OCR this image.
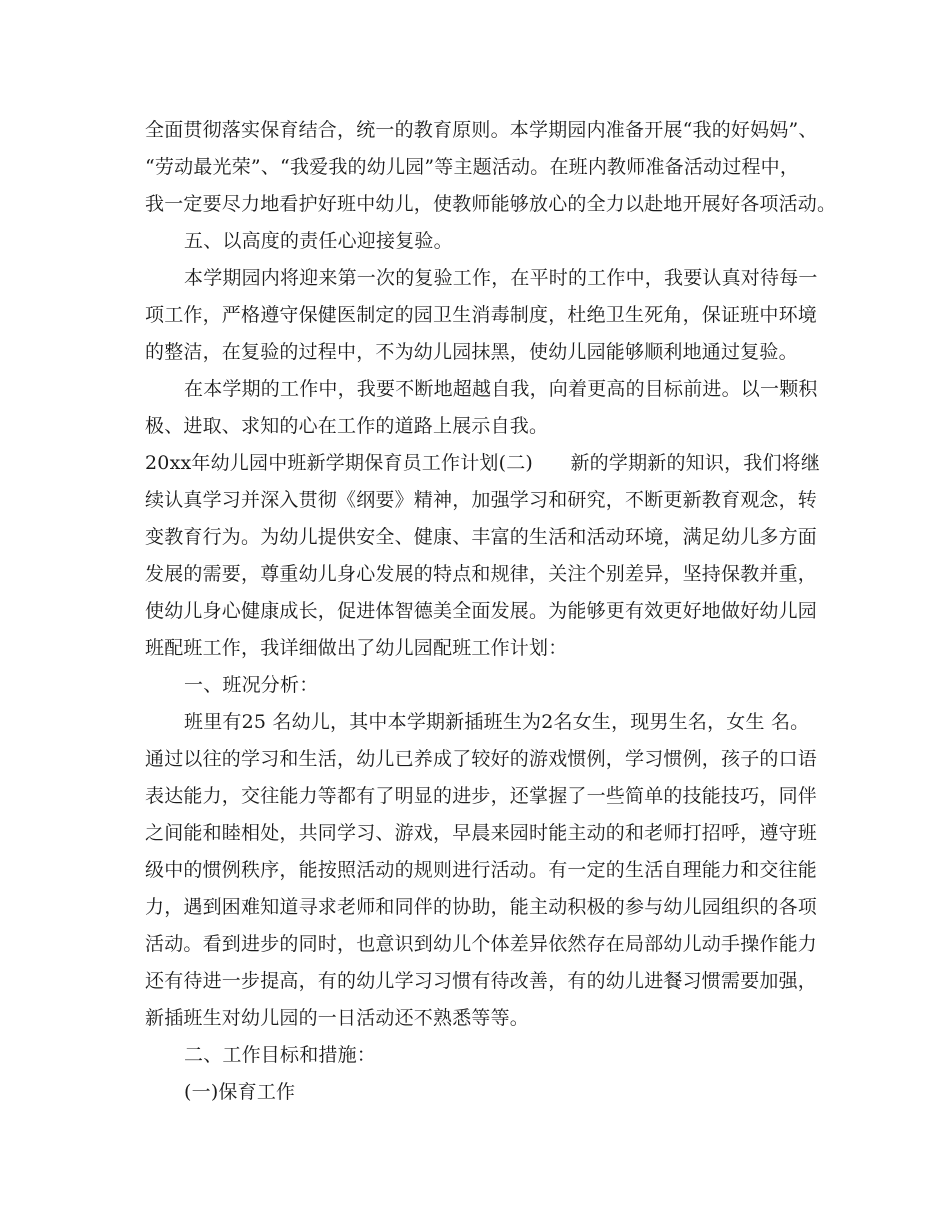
全面贯彻落实保育结合，统一的教育原则。本学期园内准备开展“我的好妈妈”、
“劳动最光荣”、“我爱我的幼儿园”等主题活动。在班内教师准备活动过程中，
我一定要尽力地看护好班中幼儿，使教师能够放心的全力以赴地开展好各项活动。
五、以高度的责任心迎接复验。
本学期园内将迎来第一次的复验工作，在平时的工作中，我要认真对待每一
项工作，严格遵守保健医制定的园卫生消毒制度，杜绝卫生死角，保证班中环境
的整洁，在复验的过程中，不为幼儿园抹黑，使幼儿园能够顺利地通过复验。
在本学期的工作中，我要不断地超越自我，向着更高的目标前进。以一颗积
极、进取、求知的心在工作的道路上展示自我。
20xx年幼儿园中班新学期保育员工作计划(二)      新的学期新的知识，我们将继
续认真学习并深入贯彻《纲要》精神，加强学习和研究，不断更新教育观念，转
变教育行为。为幼儿提供安全、健康、丰富的生活和活动环境，满足幼儿多方面
发展的需要，尊重幼儿身心发展的特点和规律，关注个别差异，坚持保教并重，
使幼儿身心健康成长，促进体智德美全面发展。为能够更有效更好地做好幼儿园
班配班工作，我详细做出了幼儿园配班工作计划：
一、班况分析：
班里有25 名幼儿，其中本学期新插班生为2名女生，现男生名，女生 名。
通过以往的学习和生活，幼儿已养成了较好的游戏惯例，学习惯例，孩子的口语
表达能力，交往能力等都有了明显的进步，还掌握了一些简单的技能技巧，同伴
之间能和睦相处，共同学习、游戏，早晨来园时能主动的和老师打招呼，遵守班
级中的惯例秩序，能按照活动的规则进行活动。有一定的生活自理能力和交往能
力，遇到困难知道寻求老师和同伴的协助，能主动积极的参与幼儿园组织的各项
活动。看到进步的同时，也意识到幼儿个体差异依然存在局部幼儿动手操作能力
还有待进一步提高，有的幼儿学习习惯有待改善，有的幼儿进餐习惯需要加强，
新插班生对幼儿园的一日活动还不熟悉等等。
二、工作目标和措施：
(一)保育工作
